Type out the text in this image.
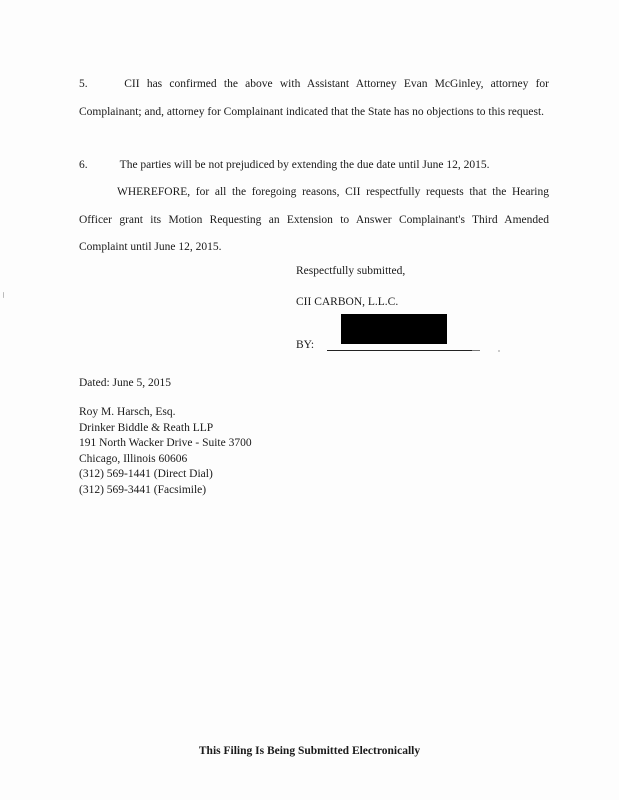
5.	CII has confirmed the above with Assistant Attorney Evan McGinley, attorney for Complainant; and, attorney for Complainant indicated that the State has no objections to this request.
6.	The parties will be not prejudiced by extending the due date until June 12, 2015.
WHEREFORE, for all the foregoing reasons, CII respectfully requests that the Hearing Officer grant its Motion Requesting an Extension to Answer Complainant's Third Amended Complaint until June 12, 2015.
Respectfully submitted,
CII CARBON, L.L.C.
BY:
Dated: June 5, 2015
Roy M. Harsch, Esq.
Drinker Biddle & Reath LLP
191 North Wacker Drive - Suite 3700
Chicago, Illinois 60606
(312) 569-1441 (Direct Dial)
(312) 569-3441 (Facsimile)
This Filing Is Being Submitted Electronically
